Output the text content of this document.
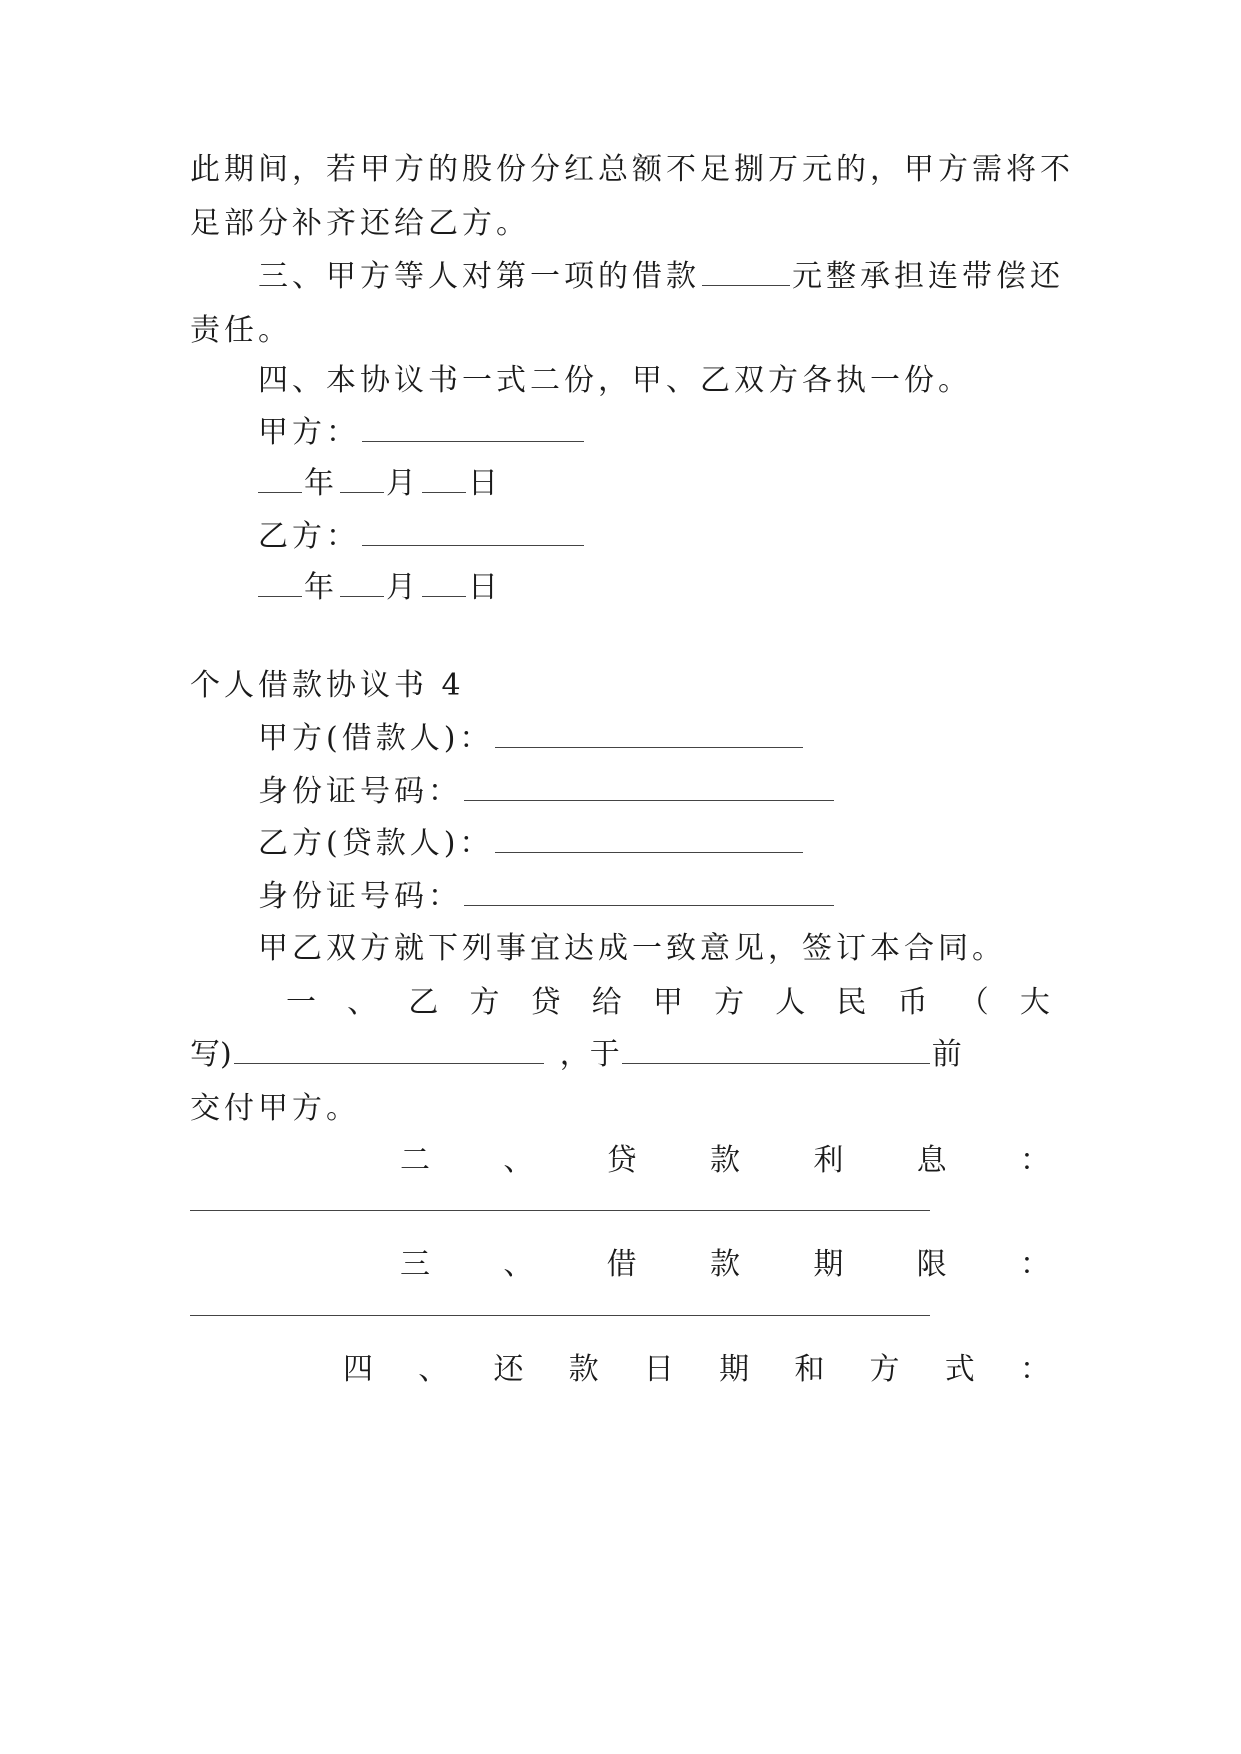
此期间，若甲方的股份分红总额不足捌万元的，甲方需将不
足部分补齐还给乙方。
三、甲方等人对第一项的借款	元整承担连带偿还
责任。
四、本协议书一式二份，甲、乙双方各执一份。
甲方：
年 月 日
乙方：
年 月 日
个人借款协议书 4
甲方(借款人)：
身份证号码：
乙方(贷款人)：
身份证号码：
甲乙双方就下列事宜达成一致意见，签订本合同。
一 、 乙 方 贷 给 甲 方 人 民 币 （ 大
写)	，于	前
交付甲方。
二 、 贷 款 利 息 ：
三 、 借 款 期 限 ：
四 、 还 款 日 期 和 方 式 ：
